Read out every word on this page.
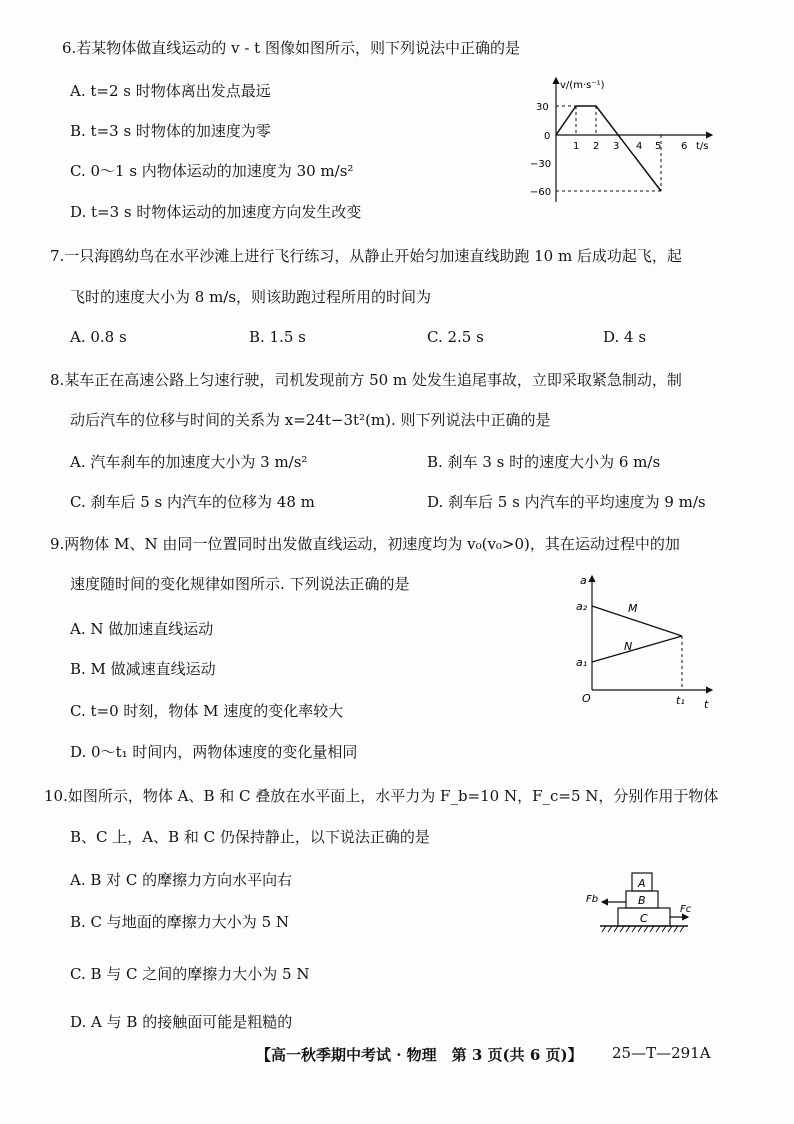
6.若某物体做直线运动的 v - t 图像如图所示，则下列说法中正确的是
A. t=2 s 时物体离出发点最远
B. t=3 s 时物体的加速度为零
C. 0～1 s 内物体运动的加速度为 30 m/s²
D. t=3 s 时物体运动的加速度方向发生改变
v/(m·s⁻¹)
t/s
30
0
−30
−60
1 2 3 4 5 6
7.一只海鸥幼鸟在水平沙滩上进行飞行练习，从静止开始匀加速直线助跑 10 m 后成功起飞，起
飞时的速度大小为 8 m/s，则该助跑过程所用的时间为
A. 0.8 s	B. 1.5 s	C. 2.5 s	D. 4 s
8.某车正在高速公路上匀速行驶，司机发现前方 50 m 处发生追尾事故，立即采取紧急制动，制
动后汽车的位移与时间的关系为 x=24t−3t²(m). 则下列说法中正确的是
A. 汽车刹车的加速度大小为 3 m/s²	B. 刹车 3 s 时的速度大小为 6 m/s
C. 刹车后 5 s 内汽车的位移为 48 m	D. 刹车后 5 s 内汽车的平均速度为 9 m/s
9.两物体 M、N 由同一位置同时出发做直线运动，初速度均为 v₀(v₀>0)，其在运动过程中的加
速度随时间的变化规律如图所示. 下列说法正确的是
A. N 做加速直线运动
B. M 做减速直线运动
C. t=0 时刻，物体 M 速度的变化率较大
D. 0～t₁ 时间内，两物体速度的变化量相同
a
t
O
a₂
a₁
t₁
M
N
10.如图所示，物体 A、B 和 C 叠放在水平面上，水平力为 F_b=10 N，F_c=5 N，分别作用于物体
B、C 上，A、B 和 C 仍保持静止，以下说法正确的是
A. B 对 C 的摩擦力方向水平向右
B. C 与地面的摩擦力大小为 5 N
C. B 与 C 之间的摩擦力大小为 5 N
D. A 与 B 的接触面可能是粗糙的
A
B
C
Fb
Fc
【高一秋季期中考试 · 物理　第 3 页(共 6 页)】 25—T—291A
